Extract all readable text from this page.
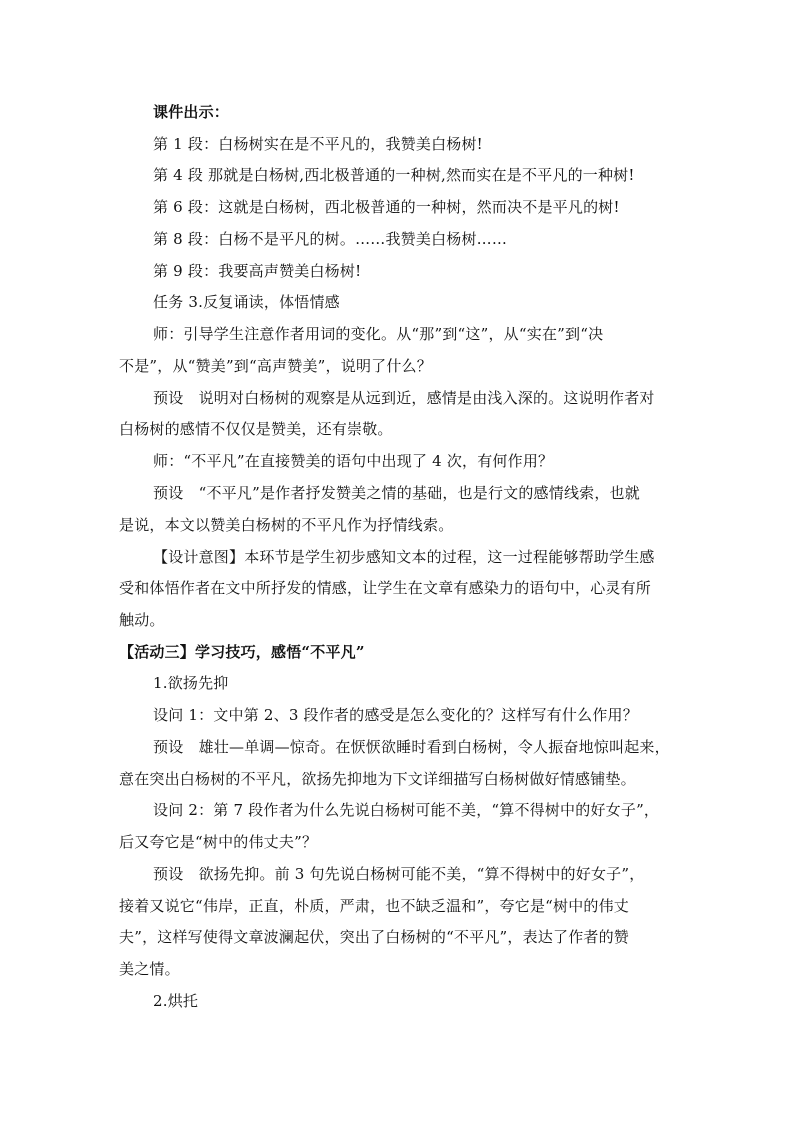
课件出示：
第 1 段：白杨树实在是不平凡的，我赞美白杨树!
第 4 段 那就是白杨树,西北极普通的一种树,然而实在是不平凡的一种树!
第 6 段：这就是白杨树，西北极普通的一种树，然而决不是平凡的树!
第 8 段：白杨不是平凡的树。……我赞美白杨树……
第 9 段：我要高声赞美白杨树!
任务 3.反复诵读，体悟情感
师：引导学生注意作者用词的变化。从“那”到“这”，从“实在”到“决
不是”，从“赞美”到“高声赞美”，说明了什么？
预设　说明对白杨树的观察是从远到近，感情是由浅入深的。这说明作者对
白杨树的感情不仅仅是赞美，还有崇敬。
师：“不平凡”在直接赞美的语句中出现了 4 次，有何作用？
预设　“不平凡”是作者抒发赞美之情的基础，也是行文的感情线索，也就
是说，本文以赞美白杨树的不平凡作为抒情线索。
【设计意图】本环节是学生初步感知文本的过程，这一过程能够帮助学生感
受和体悟作者在文中所抒发的情感，让学生在文章有感染力的语句中，心灵有所
触动。
【活动三】学习技巧，感悟“不平凡”
1.欲扬先抑
设问 1：文中第 2、3 段作者的感受是怎么变化的？这样写有什么作用？
预设　雄壮—单调—惊奇。在恹恹欲睡时看到白杨树，令人振奋地惊叫起来，
意在突出白杨树的不平凡，欲扬先抑地为下文详细描写白杨树做好情感铺垫。
设问 2：第 7 段作者为什么先说白杨树可能不美，“算不得树中的好女子”，
后又夸它是“树中的伟丈夫”？
预设　欲扬先抑。前 3 句先说白杨树可能不美，“算不得树中的好女子”，
接着又说它“伟岸，正直，朴质，严肃，也不缺乏温和”，夸它是“树中的伟丈
夫”，这样写使得文章波澜起伏，突出了白杨树的“不平凡”，表达了作者的赞
美之情。
2.烘托
